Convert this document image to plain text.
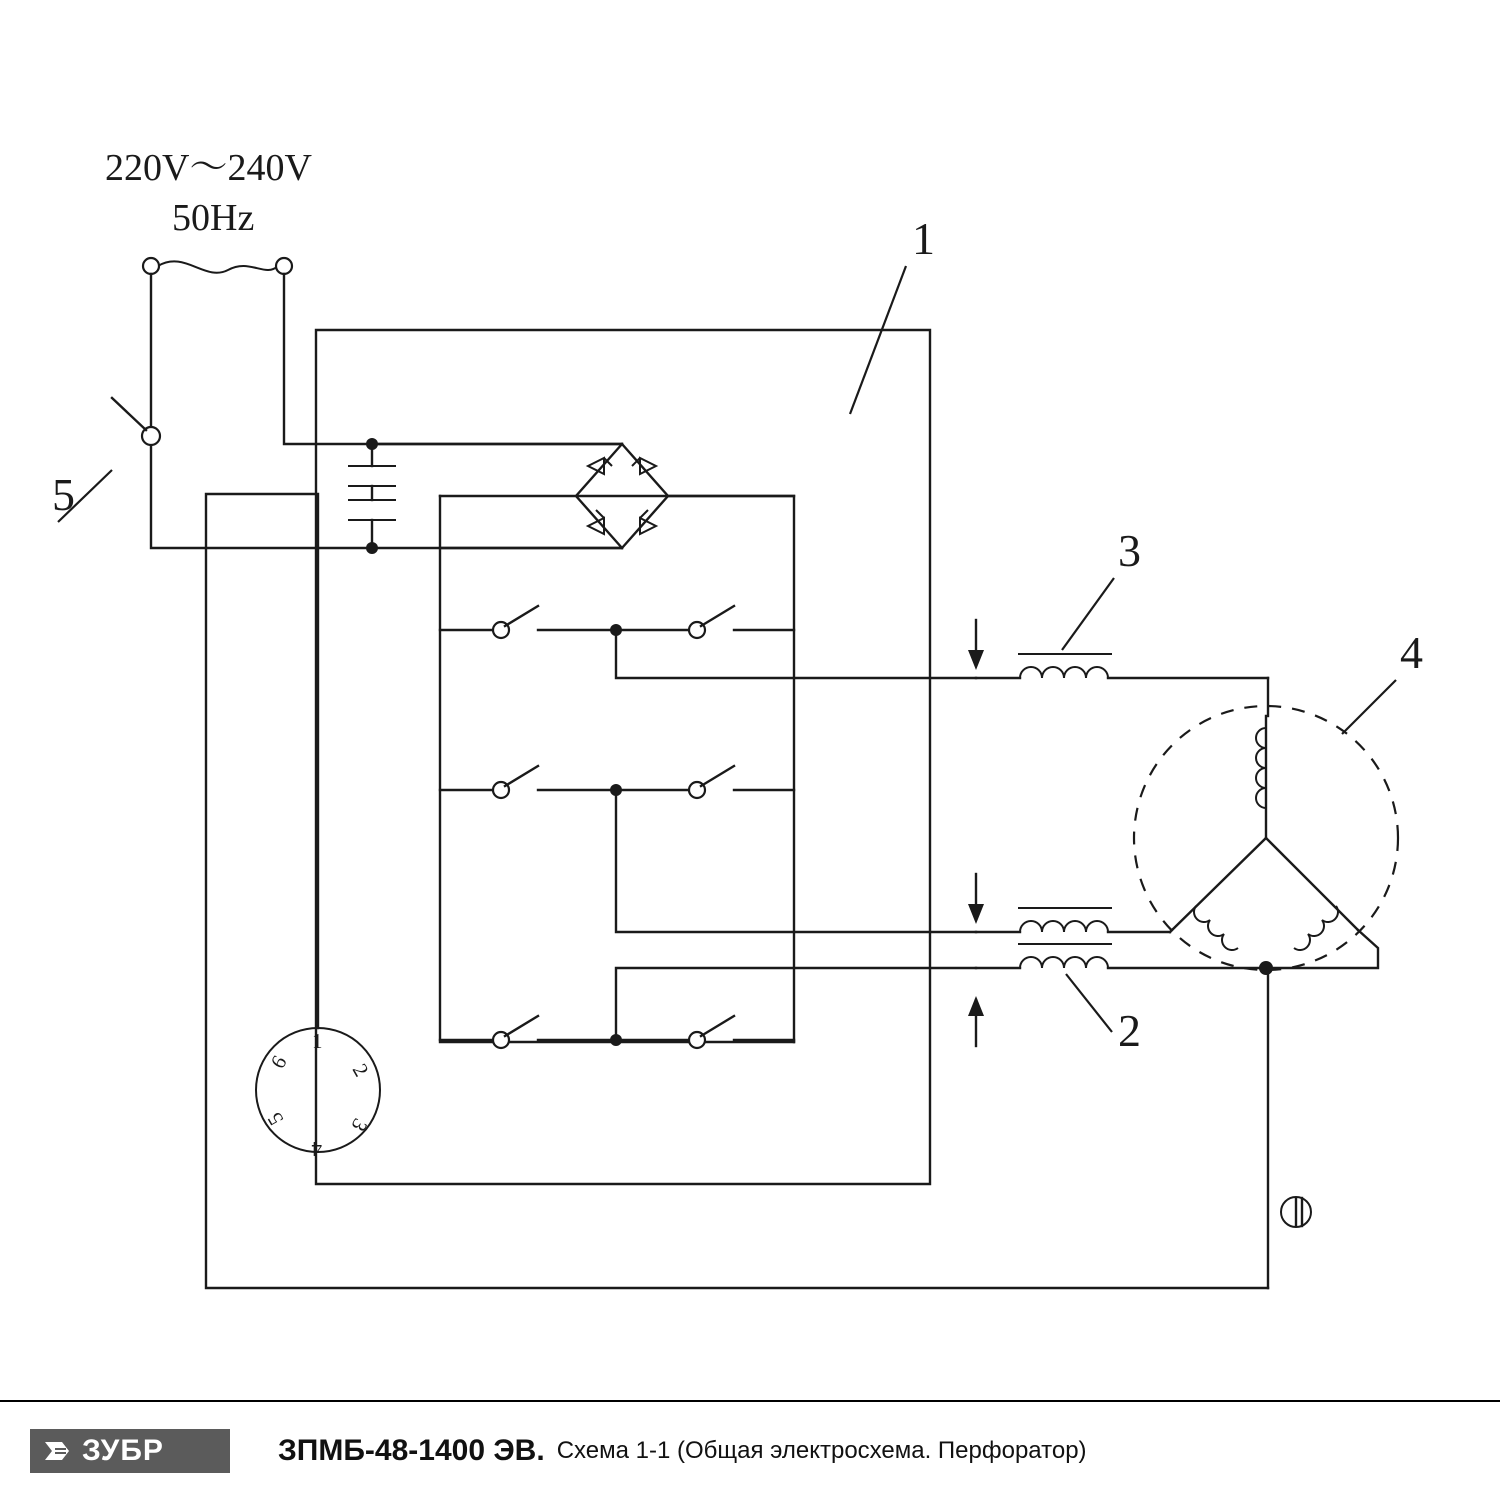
220V～240V
50Hz
5
1
1
2
3
4
5
6
3
2
4
ЗУБР	ЗПМБ-48-1400 ЭВ. Схема 1-1 (Общая электросхема. Перфоратор)
